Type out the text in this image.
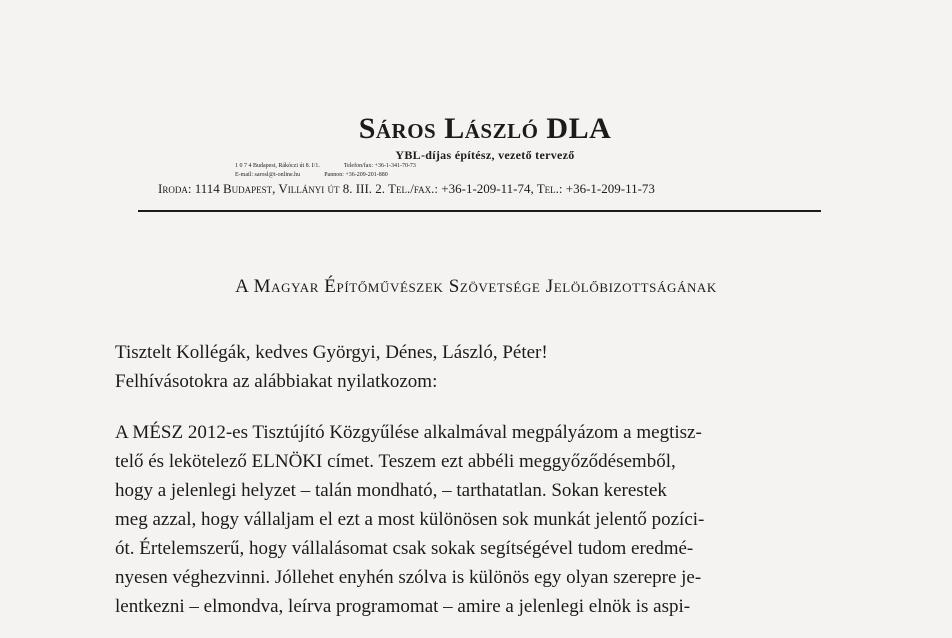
Sáros László DLA
YBL-díjas építész, vezető tervező
1 0 7 4 Budapest, Rákóczi út 8. I/1.	Telefon/fax: +36-1-341-70-73
E-mail: sarosl@t-online.hu	Pannon: +36-209-201-880
Iroda: 1114 Budapest, Villányi út 8. III. 2. Tel./fax.: +36-1-209-11-74, Tel.: +36-1-209-11-73
A Magyar Építőművészek Szövetsége Jelölőbizottságának
Tisztelt Kollégák, kedves Györgyi, Dénes, László, Péter!
Felhívásotokra az alábbiakat nyilatkozom:
A MÉSZ 2012-es Tisztújító Közgyűlése alkalmával megpályázom a megtisz-
telő és lekötelező ELNÖKI címet. Teszem ezt abbéli meggyőződésemből,
hogy a jelenlegi helyzet – talán mondható, – tarthatatlan. Sokan kerestek
meg azzal, hogy vállaljam el ezt a most különösen sok munkát jelentő pozíci-
ót. Értelemszerű, hogy vállalásomat csak sokak segítségével tudom eredmé-
nyesen véghezvinni. Jóllehet enyhén szólva is különös egy olyan szerepre je-
lentkezni – elmondva, leírva programomat – amire a jelenlegi elnök is aspi-
